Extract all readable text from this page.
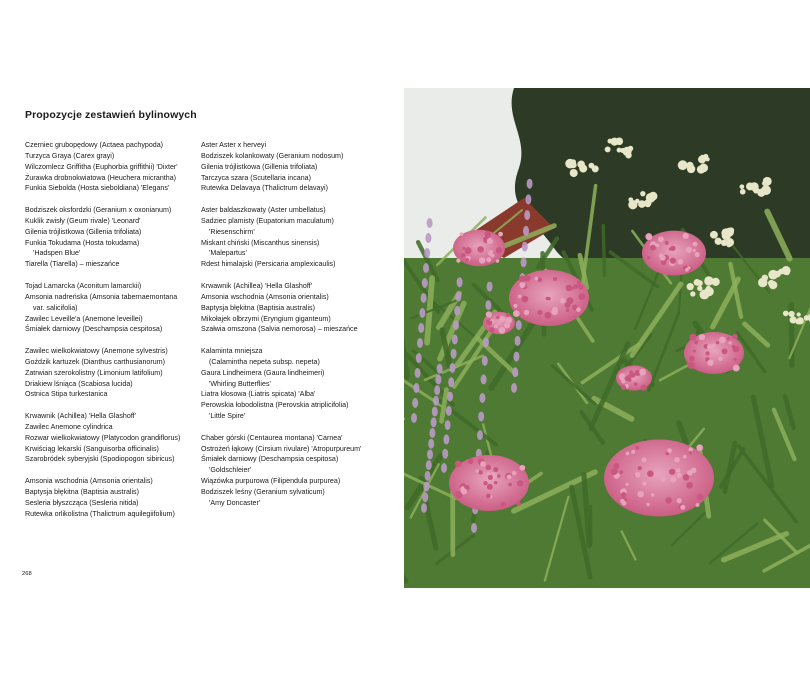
Propozycje zestawień bylinowych
Czerniec grubopędowy (Actaea pachypoda)
Turzyca Graya (Carex grayi)
Wilczomlecz Griffitha (Euphorbia griffithii) 'Dixter'
Żurawka drobnokwiatowa (Heuchera micrantha)
Funkia Siebolda (Hosta sieboldiana) 'Elegans'
Bodziszek oksfordzki (Geranium x oxonianum)
Kuklik zwisły (Geum rivale) 'Leonard'
Gilenia trójlistkowa (Gillenia trifoliata)
Funkia Tokudama (Hosta tokudama)
'Hadspen Blue'
Tiarella (Tiarella) – mieszańce
Tojad Lamarcka (Aconitum lamarckii)
Amsonia nadreńska (Amsonia tabernaemontana
var. salicifolia)
Zawilec Leveille'a (Anemone leveillei)
Śmiałek darniowy (Deschampsia cespitosa)
Zawilec wielkokwiatowy (Anemone sylvestris)
Goździk kartuzek (Dianthus carthusianorum)
Zatrwian szerokolistny (Limonium latifolium)
Driakiew lśniąca (Scabiosa lucida)
Ostnica Stipa turkestanica
Krwawnik (Achillea) 'Hella Glashoff'
Zawilec Anemone cylindrica
Rozwar wielkokwiatowy (Platycodon grandiflorus)
Krwiściąg lekarski (Sanguisorba officinalis)
Szarobródek syberyjski (Spodiopogon sibiricus)
Amsonia wschodnia (Amsonia orientalis)
Baptysja błękitna (Baptisia australis)
Sesleria błyszcząca (Sesleria nitida)
Rutewka orlikolistna (Thalictrum aquilegiifolium)
Aster Aster x herveyi
Bodziszek kolankowaty (Geranium nodosum)
Gilenia trójlistkowa (Gillenia trifoliata)
Tarczyca szara (Scutellaria incana)
Rutewka Delavaya (Thalictrum delavayi)
Aster baldaszkowaty (Aster umbellatus)
Sadziec plamisty (Eupatorium maculatum)
'Riesenschirm'
Miskant chiński (Miscanthus sinensis)
'Malepartus'
Rdest himalajski (Persicaria amplexicaulis)
Krwawnik (Achillea) 'Hella Glashoff'
Amsonia wschodnia (Amsonia orientalis)
Baptysja błękitna (Baptisia australis)
Mikołajek olbrzymi (Eryngium giganteum)
Szałwia omszona (Salvia nemorosa) – mieszańce
Kalaminta mniejsza
(Calamintha nepeta subsp. nepeta)
Gaura Lindheimera (Gaura lindheimeri)
'Whirling Butterflies'
Liatra kłosowa (Liatris spicata) 'Alba'
Perowskia łobodolistna (Perovskia atriplicifolia)
'Little Spire'
Chaber górski (Centaurea montana) 'Carnea'
Ostrożeń łąkowy (Cirsium rivulare) 'Atropurpureum'
Śmiałek darniowy (Deschampsia cespitosa)
'Goldschleier'
Wiązówka purpurowa (Filipendula purpurea)
Bodziszek leśny (Geranium sylvaticum)
'Amy Doncaster'
268
